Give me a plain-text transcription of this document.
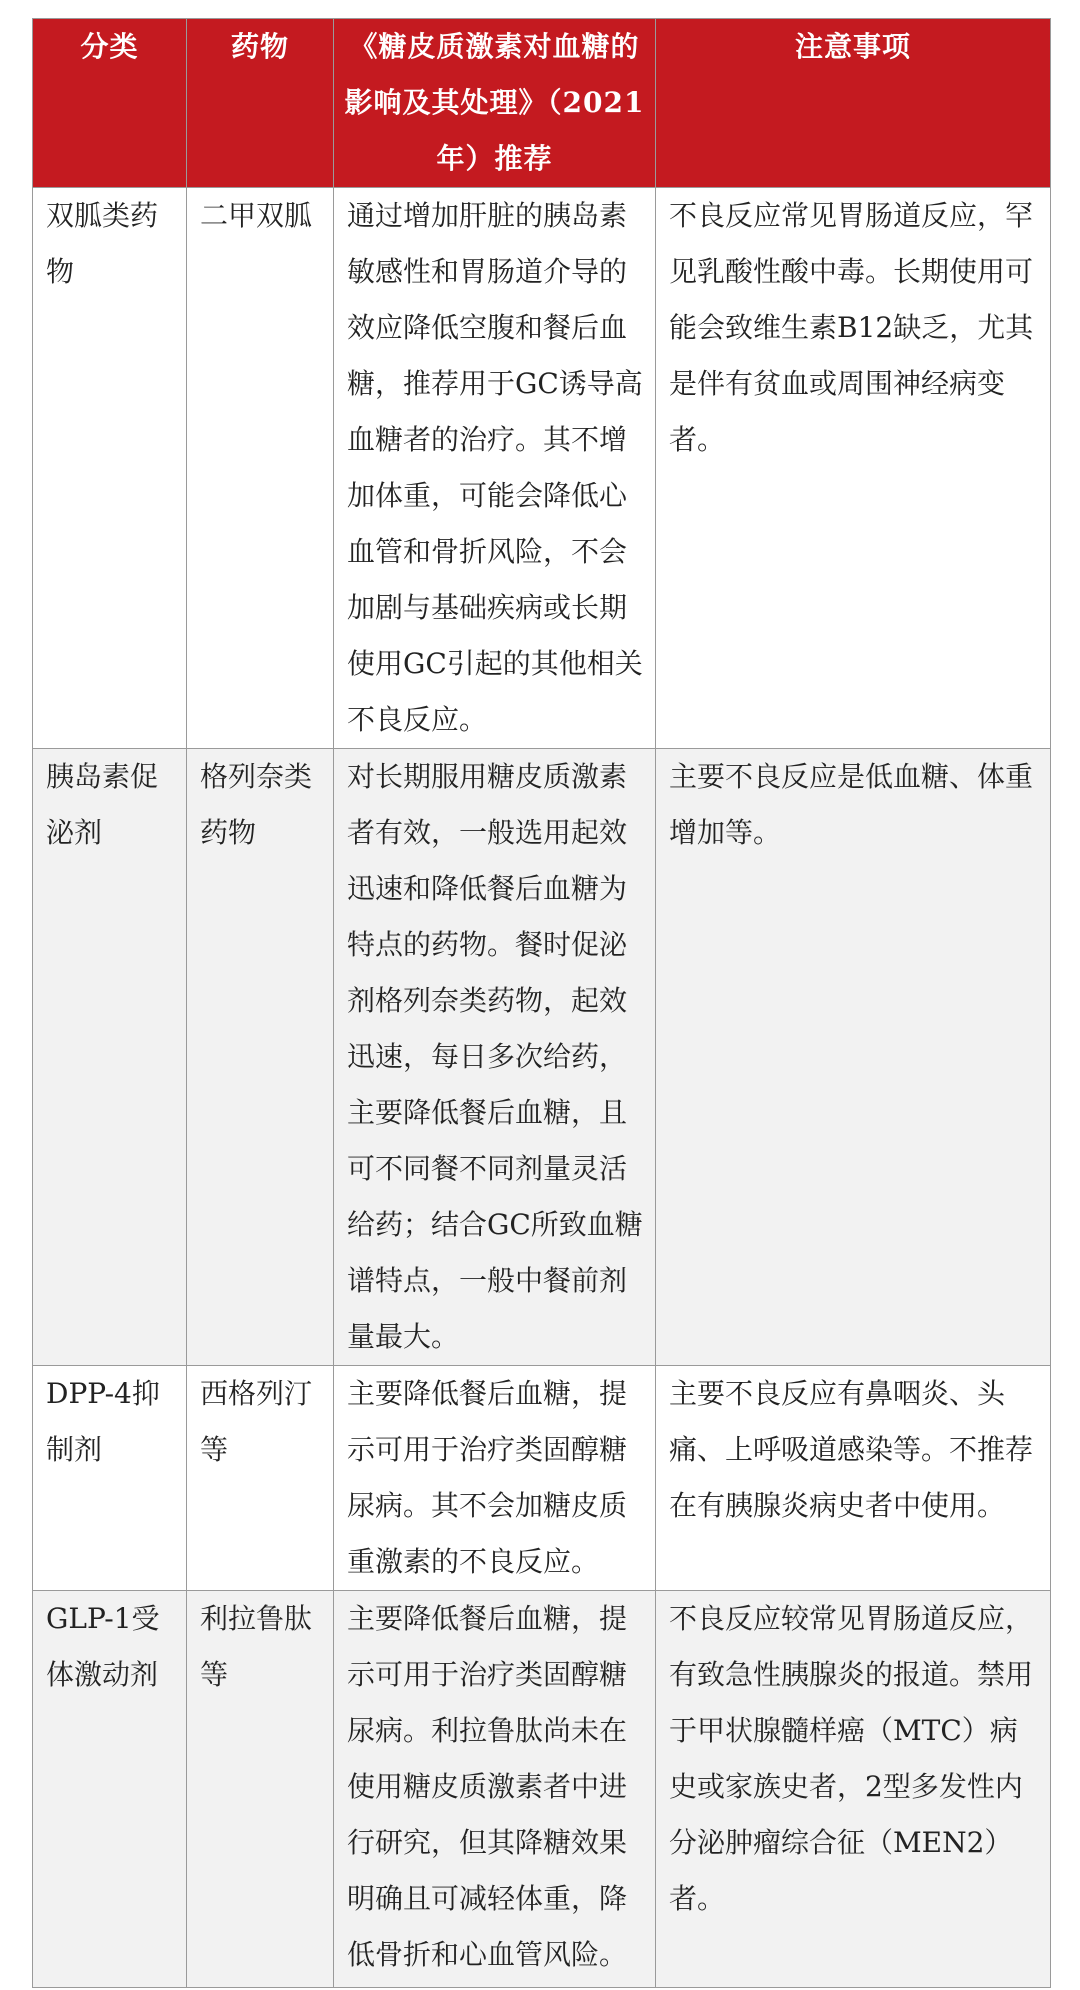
分类	药物	《糖皮质激素对血糖的影响及其处理》（2021年）推荐	注意事项
双胍类药物	二甲双胍	通过增加肝脏的胰岛素敏感性和胃肠道介导的效应降低空腹和餐后血糖，推荐用于GC诱导高血糖者的治疗。其不增加体重，可能会降低心血管和骨折风险，不会加剧与基础疾病或长期使用GC引起的其他相关不良反应。	不良反应常见胃肠道反应，罕见乳酸性酸中毒。长期使用可能会致维生素B12缺乏，尤其是伴有贫血或周围神经病变者。
胰岛素促泌剂	格列奈类药物	对长期服用糖皮质激素者有效，一般选用起效迅速和降低餐后血糖为特点的药物。餐时促泌剂格列奈类药物，起效迅速，每日多次给药，主要降低餐后血糖，且可不同餐不同剂量灵活给药；结合GC所致血糖谱特点，一般中餐前剂量最大。	主要不良反应是低血糖、体重增加等。
DPP-4抑制剂	西格列汀等	主要降低餐后血糖，提示可用于治疗类固醇糖尿病。其不会加糖皮质重激素的不良反应。	主要不良反应有鼻咽炎、头痛、上呼吸道感染等。不推荐在有胰腺炎病史者中使用。
GLP-1受体激动剂	利拉鲁肽等	主要降低餐后血糖，提示可用于治疗类固醇糖尿病。利拉鲁肽尚未在使用糖皮质激素者中进行研究，但其降糖效果明确且可减轻体重，降低骨折和心血管风险。	不良反应较常见胃肠道反应，有致急性胰腺炎的报道。禁用于甲状腺髓样癌（MTC）病史或家族史者，2型多发性内分泌肿瘤综合征（MEN2）者。
